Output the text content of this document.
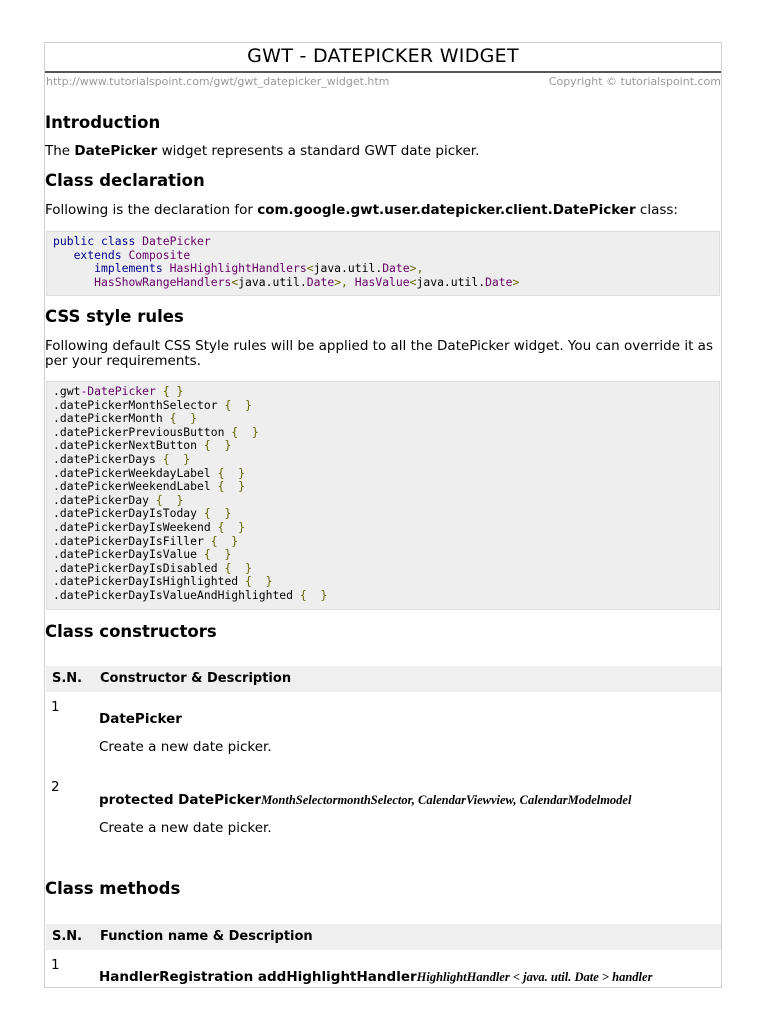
GWT - DATEPICKER WIDGET
http://www.tutorialspoint.com/gwt/gwt_datepicker_widget.htm	Copyright © tutorialspoint.com
Introduction

The DatePicker widget represents a standard GWT date picker.

Class declaration

Following is the declaration for com.google.gwt.user.datepicker.client.DatePicker class:

public class DatePicker
extends Composite
implements HasHighlightHandlers<java.util.Date>,
HasShowRangeHandlers<java.util.Date>, HasValue<java.util.Date>
CSS style rules

Following default CSS Style rules will be applied to all the DatePicker widget. You can override it as per your requirements.

.gwt-DatePicker { }
.datePickerMonthSelector {  }
.datePickerMonth {  }
.datePickerPreviousButton {  }
.datePickerNextButton {  }
.datePickerDays {  }
.datePickerWeekdayLabel {  }
.datePickerWeekendLabel {  }
.datePickerDay {  }
.datePickerDayIsToday {  }
.datePickerDayIsWeekend {  }
.datePickerDayIsFiller {  }
.datePickerDayIsValue {  }
.datePickerDayIsDisabled {  }
.datePickerDayIsHighlighted {  }
.datePickerDayIsValueAndHighlighted {  }
Class constructors
S.N. Constructor & Description
1
DatePicker
Create a new date picker.
2
protected DatePickerMonthSelectormonthSelector, CalendarViewview, CalendarModelmodel
Create a new date picker.
Class methods
S.N. Function name & Description
1
HandlerRegistration addHighlightHandlerHighlightHandler < java. util. Date > handler
